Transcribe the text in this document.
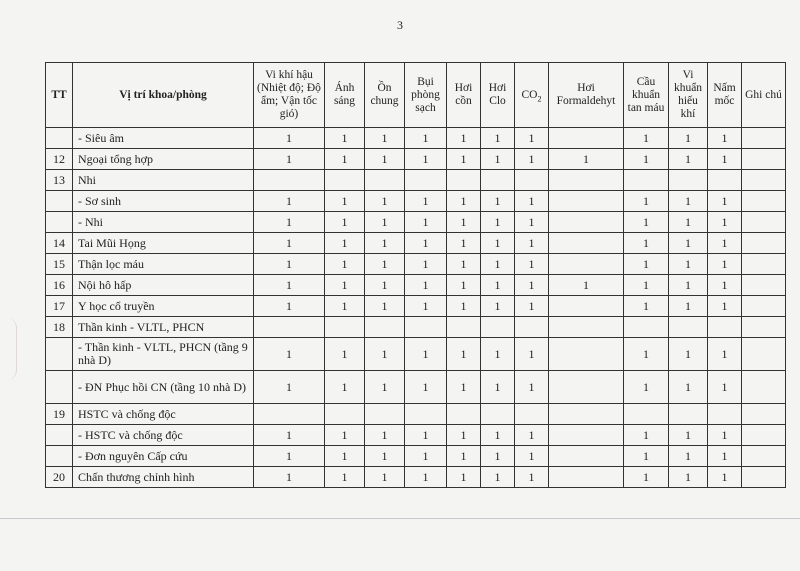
3
TT	Vị trí khoa/phòng	Vi khí hậu (Nhiệt độ; Độ ẩm; Vận tốc gió)	Ánh sáng	Ồn chung	Bụi phòng sạch	Hơi cồn	Hơi Clo	$CO_2$	Hơi Formaldehyt	Cầu khuẩn tan máu	Vi khuẩn hiếu khí	Nấm mốc	Ghi chú
	- Siêu âm	1	1	1	1	1	1	1		1	1	1	
12	Ngoại tổng hợp	1	1	1	1	1	1	1	1	1	1	1	
13	Nhi												
	- Sơ sinh	1	1	1	1	1	1	1		1	1	1	
	- Nhi	1	1	1	1	1	1	1		1	1	1	
14	Tai Mũi Họng	1	1	1	1	1	1	1		1	1	1	
15	Thận lọc máu	1	1	1	1	1	1	1		1	1	1	
16	Nội hô hấp	1	1	1	1	1	1	1	1	1	1	1	
17	Y học cổ truyền	1	1	1	1	1	1	1		1	1	1	
18	Thần kinh - VLTL, PHCN												
	- Thần kinh - VLTL, PHCN (tầng 9 nhà D)	1	1	1	1	1	1	1		1	1	1	
	- ĐN Phục hồi CN (tầng 10 nhà D)	1	1	1	1	1	1	1		1	1	1	
19	HSTC và chống độc												
	- HSTC và chống độc	1	1	1	1	1	1	1		1	1	1	
	- Đơn nguyên Cấp cứu	1	1	1	1	1	1	1		1	1	1	
20	Chấn thương chỉnh hình	1	1	1	1	1	1	1		1	1	1	
